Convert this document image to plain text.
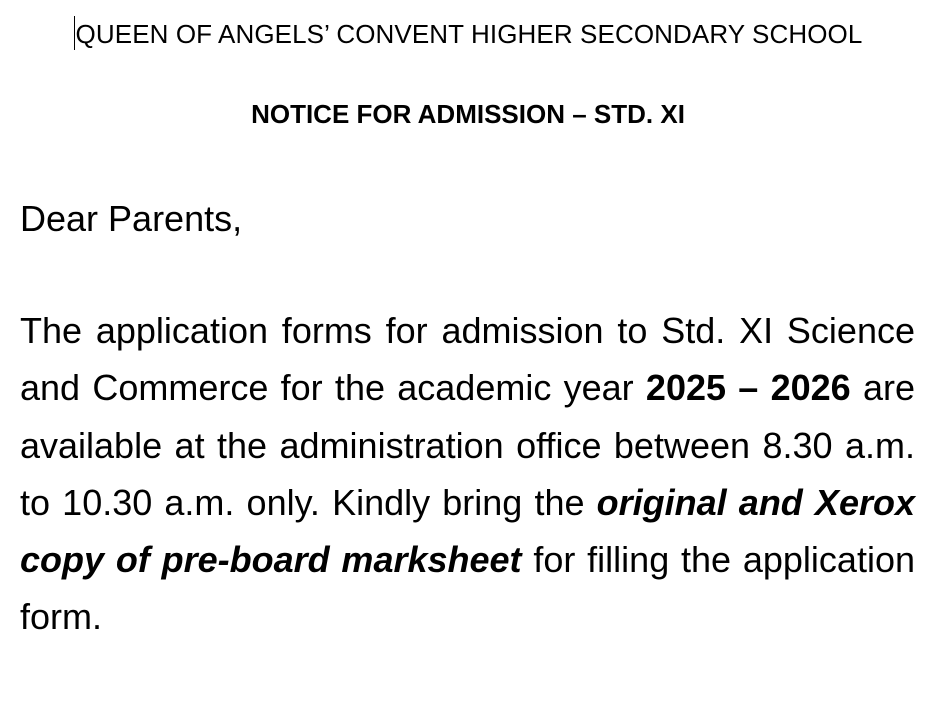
QUEEN OF ANGELS’ CONVENT HIGHER SECONDARY SCHOOL
NOTICE FOR ADMISSION – STD. XI
Dear Parents,
The application forms for admission to Std. XI Science and Commerce for the academic year 2025 – 2026 are available at the administration office between 8.30 a.m. to 10.30 a.m. only. Kindly bring the original and Xerox copy of pre-board marksheet for filling the application form.
